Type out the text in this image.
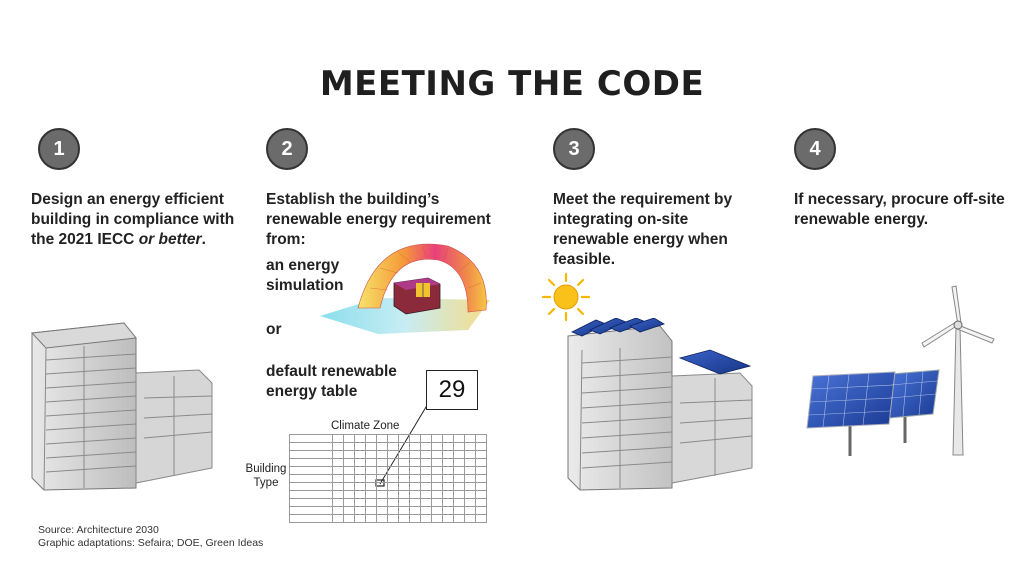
MEETING THE CODE
1	2	3	4
Design an energy efficient building in compliance with the 2021 IECC or better.
Establish the building’s renewable energy requirement from:
Meet the requirement by integrating on-site renewable energy when feasible.
If necessary, procure off-site renewable energy.
an energy simulation
or
default renewable energy table	29
Climate Zone
Building Type

Source: Architecture 2030
Graphic adaptations: Sefaira; DOE, Green Ideas
